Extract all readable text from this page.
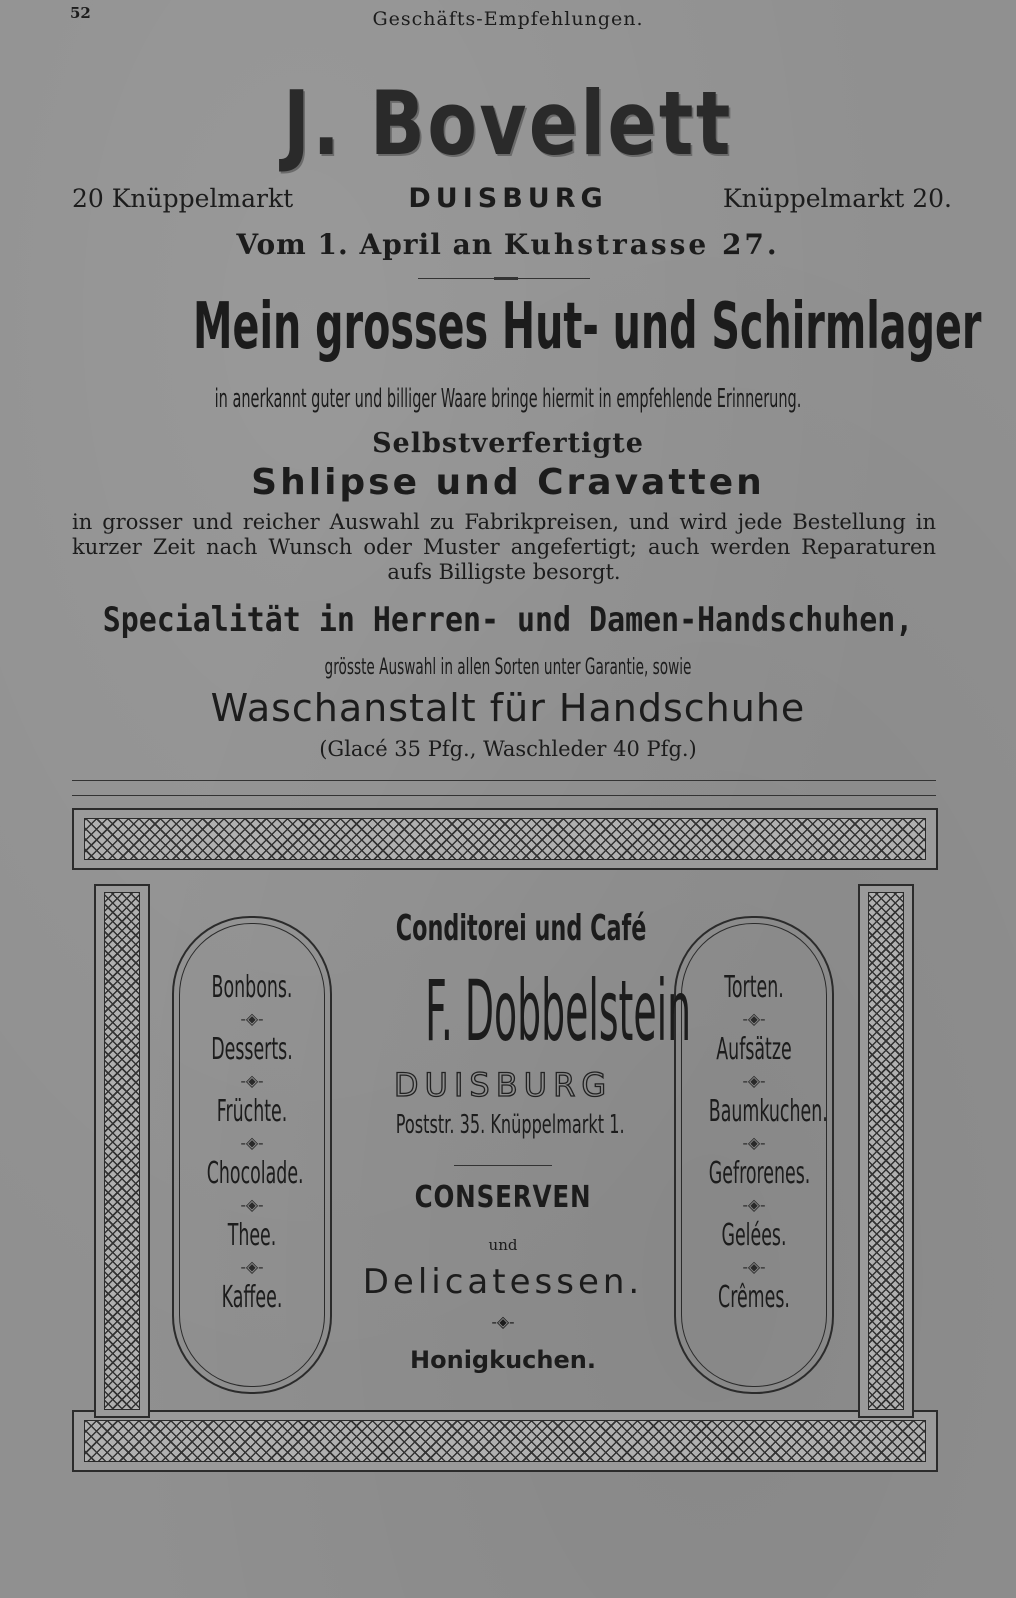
52	Geschäfts-Empfehlungen.
J. Bovelett
20 Knüppelmarkt	DUISBURG	Knüppelmarkt 20.
Vom 1. April an Kuhstrasse 27.
Mein grosses Hut- und Schirmlager
in anerkannt guter und billiger Waare bringe hiermit in empfehlende Erinnerung.
Selbstverfertigte
Shlipse und Cravatten
in grosser und reicher Auswahl zu Fabrikpreisen, und wird jede Bestellung in kurzer Zeit nach Wunsch oder Muster angefertigt; auch werden Reparaturen aufs Billigste besorgt.
Specialität in Herren- und Damen-Handschuhen,
grösste Auswahl in allen Sorten unter Garantie, sowie
Waschanstalt für Handschuhe
(Glacé 35 Pfg., Waschleder 40 Pfg.)
Bonbons.
-◈-
Desserts.
-◈-
Früchte.
-◈-
Chocolade.
-◈-
Thee.
-◈-
Kaffee.
Torten.
-◈-
Aufsätze
-◈-
Baumkuchen.
-◈-
Gefrorenes.
-◈-
Gelées.
-◈-
Crêmes.
Conditorei und Café
F. Dobbelstein
DUISBURG
Poststr. 35. Knüppelmarkt 1.
CONSERVEN
und
Delicatessen.
-◈-
Honigkuchen.
